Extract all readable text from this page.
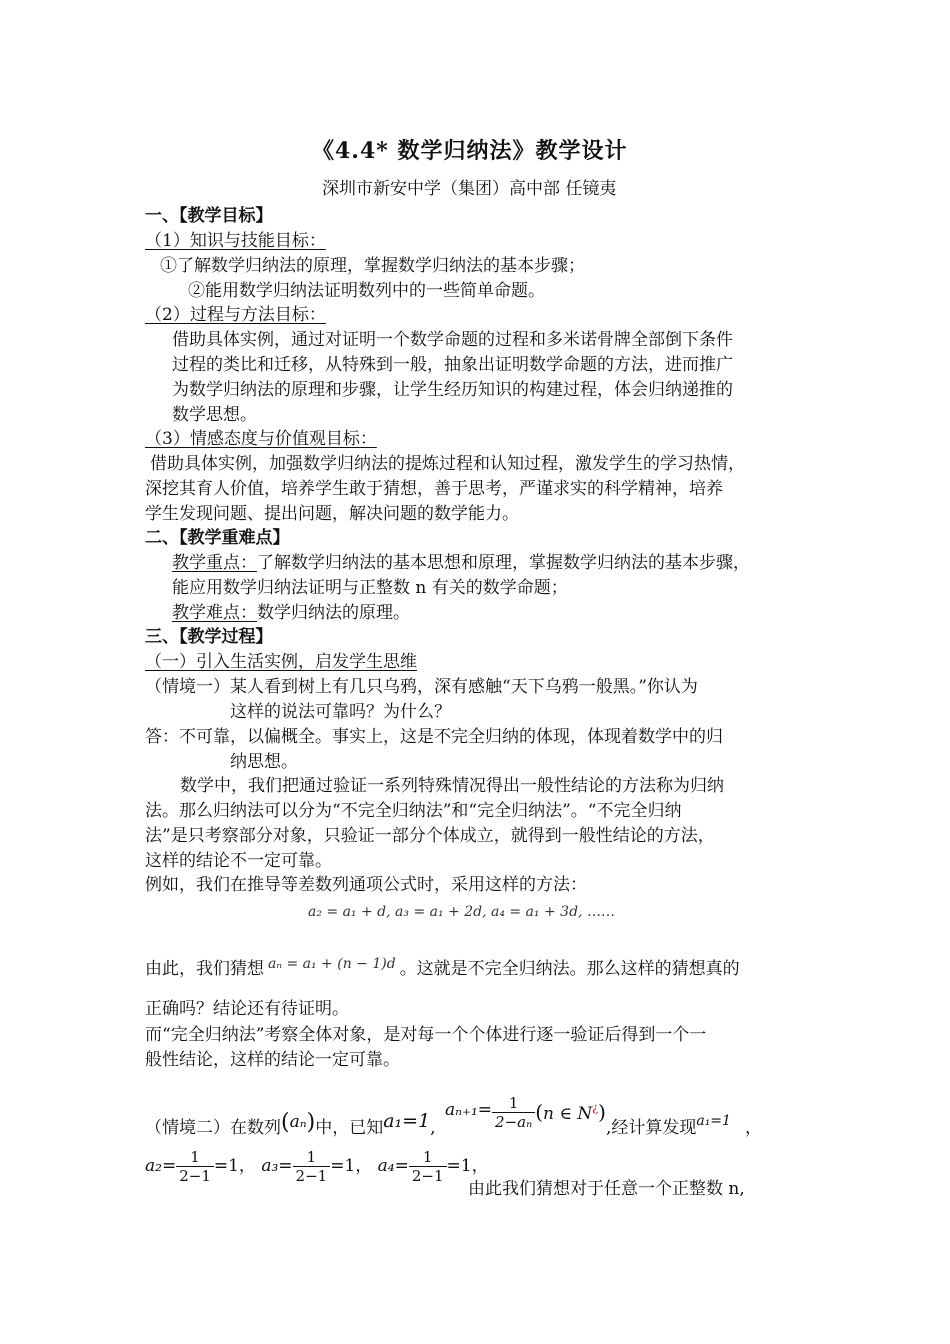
《4.4* 数学归纳法》教学设计
深圳市新安中学（集团）高中部 任镜夷
一、【教学目标】
（1）知识与技能目标：
①了解数学归纳法的原理，掌握数学归纳法的基本步骤；
②能用数学归纳法证明数列中的一些简单命题。
（2）过程与方法目标：
借助具体实例，通过对证明一个数学命题的过程和多米诺骨牌全部倒下条件
过程的类比和迁移，从特殊到一般，抽象出证明数学命题的方法，进而推广
为数学归纳法的原理和步骤，让学生经历知识的构建过程，体会归纳递推的
数学思想。
（3）情感态度与价值观目标：
借助具体实例，加强数学归纳法的提炼过程和认知过程，激发学生的学习热情，
深挖其育人价值，培养学生敢于猜想，善于思考，严谨求实的科学精神，培养
学生发现问题、提出问题，解决问题的数学能力。
二、【教学重难点】
教学重点：了解数学归纳法的基本思想和原理，掌握数学归纳法的基本步骤，
能应用数学归纳法证明与正整数 n 有关的数学命题；
教学难点：数学归纳法的原理。
三、【教学过程】
（一）引入生活实例，启发学生思维
（情境一）某人看到树上有几只乌鸦，深有感触“天下乌鸦一般黑。”你认为
这样的说法可靠吗？为什么？
答：不可靠，以偏概全。事实上，这是不完全归纳的体现，体现着数学中的归
纳思想。
数学中，我们把通过验证一系列特殊情况得出一般性结论的方法称为归纳
法。那么归纳法可以分为“不完全归纳法”和“完全归纳法”。“不完全归纳
法”是只考察部分对象，只验证一部分个体成立，就得到一般性结论的方法，
这样的结论不一定可靠。
例如，我们在推导等差数列通项公式时，采用这样的方法：
a₂ = a₁ + d, a₃ = a₁ + 2d, a₄ = a₁ + 3d, ……
由此，我们猜想 $^{a_n = a_1 + (n - 1)d}$ 。这就是不完全归纳法。那么这样的猜想真的
正确吗？结论还有待证明。
而“完全归纳法”考察全体对象，是对每一个个体进行逐一验证后得到一个一
般性结论，这样的结论一定可靠。
（情境二）在数列(aₙ)中，已知a₁=1, $a_{n+1}= \frac{1}{\text{2−aₙ}} (n$ ∈ N¿),经计算发现a₁=1 ，
$a_2= \frac{1}{2-1} =1$， $a_3= \frac{1}{2-1} =1$， $a_4= \frac{1}{2-1} =1$，
由此我们猜想对于任意一个正整数 n,
